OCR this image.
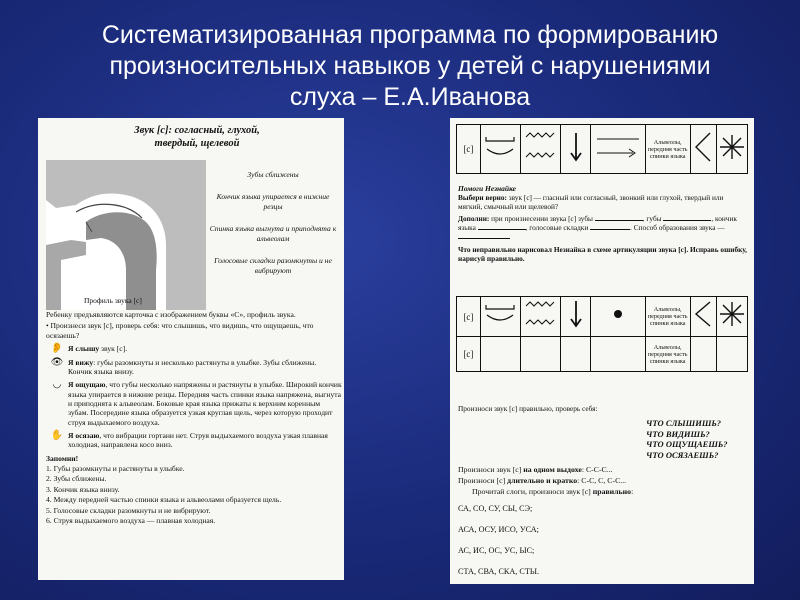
Систематизированная программа по формированию
произносительных навыков у детей с нарушениями
слуха – Е.А.Иванова
Звук [с]: согласный, глухой,
твердый, щелевой
Профиль звука [с]
Зубы сближены
Кончик языка упирается в нижние резцы
Спинка языка выгнута и приподнята к альвеолам
Голосовые складки разомкнуты и не вибрируют

Ребенку предъявляются карточка с изображением буквы «С», профиль звука.

• Произнеси звук [с], проверь себя: что слышишь, что видишь, что ощущаешь, что осязаешь?

👂 Я слышу звук [с].
👁 Я вижу: губы разомкнуты и несколько растянуты в улыбке. Зубы сближены. Кончик языка внизу.
◡ Я ощущаю, что губы несколько напряжены и растянуты в улыбке. Широкий кончик языка упирается в нижние резцы. Передняя часть спинки языка напряжена, выгнута и приподнята к альвеолам. Боковые края языка прижаты к верхним коренным зубам. Посередине языка образуется узкая круглая щель, через которую проходит струя выдыхаемого воздуха.
✋ Я осязаю, что вибрации гортани нет. Струя выдыхаемого воздуха узкая плавная холодная, направлена косо вниз.
Запомни!
1. Губы разомкнуты и растянуты в улыбке.
2. Зубы сближены.
3. Кончик языка внизу.
4. Между передней частью спинки языка и альвеолами образуется щель.
5. Голосовые складки разомкнуты и не вибрируют.
6. Струя выдыхаемого воздуха — плавная холодная.
[с]					Альвеолы, передняя часть спинки языка		
Помоги Незнайке
Выбери верно: звук [с] — гласный или согласный, звонкий или глухой, твердый или мягкий, смычный или щелевой?
Дополни: при произнесении звука [с] зубы	, губы	, кончик языка	, голосовые складки	. Способ образования звука —
Что неправильно нарисовал Незнайка в схеме артикуляции звука [с]. Исправь ошибку, нарисуй правильно.
[с]					Альвеолы, передняя часть спинки языка		
[с]					Альвеолы, передняя часть спинки языка		
Произноси звук [с] правильно, проверь себя:
ЧТО СЛЫШИШЬ?
ЧТО ВИДИШЬ?
ЧТО ОЩУЩАЕШЬ?
ЧТО ОСЯЗАЕШЬ?
Произноси звук [с] на одном выдохе: С-С-С...
Произноси [с] длительно и кратко: С-С, С, С-С...
Прочитай слоги, произноси звук [с] правильно:
СА, СО, СУ, СЫ, СЭ;
АСА, ОСУ, ИСО, УСА;
АС, ИС, ОС, УС, ЫС;
СТА, СВА, СКА, СТЫ.
